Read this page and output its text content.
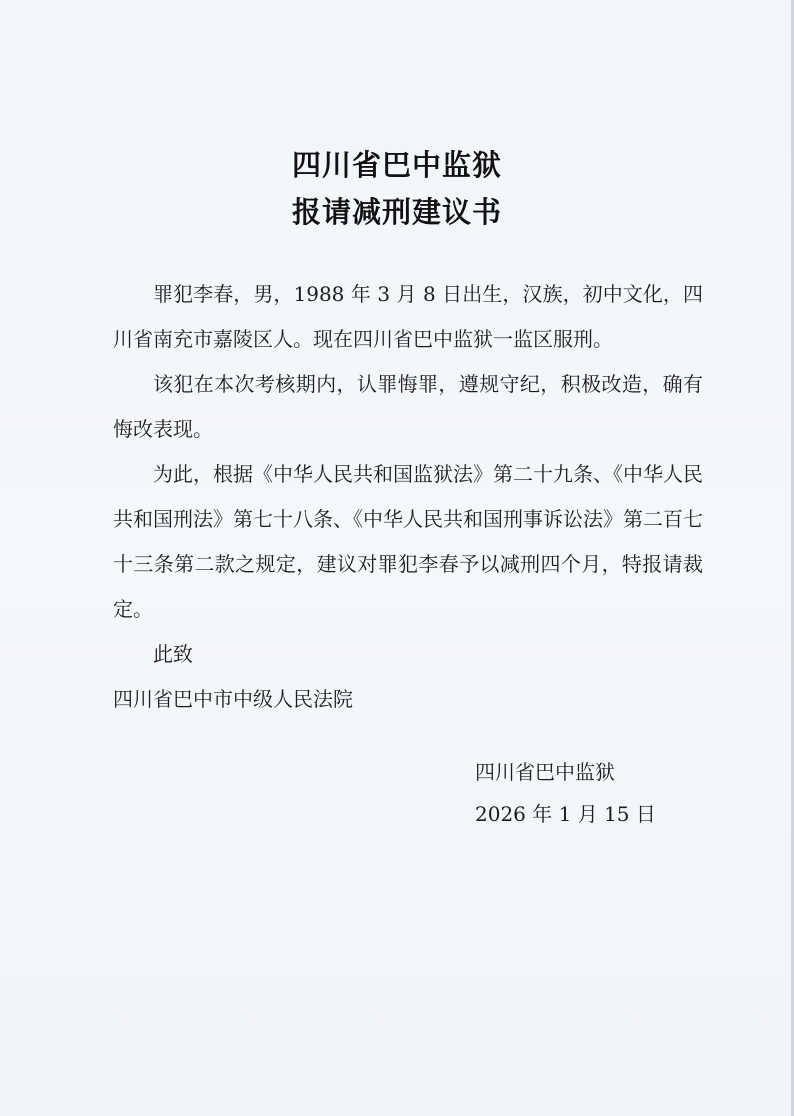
四川省巴中监狱
报请减刑建议书

罪犯李春，男，1988 年 3 月 8 日出生，汉族，初中文化，四川省南充市嘉陵区人。现在四川省巴中监狱一监区服刑。

该犯在本次考核期内，认罪悔罪，遵规守纪，积极改造，确有悔改表现。

为此，根据《中华人民共和国监狱法》第二十九条、《中华人民共和国刑法》第七十八条、《中华人民共和国刑事诉讼法》第二百七十三条第二款之规定，建议对罪犯李春予以减刑四个月，特报请裁定。

此致

四川省巴中市中级人民法院

四川省巴中监狱
2026 年 1 月 15 日
